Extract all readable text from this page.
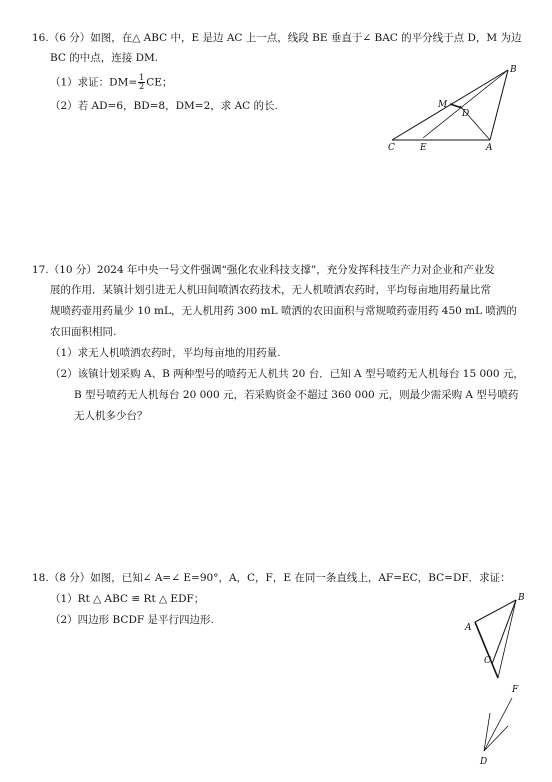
16.（6 分）如图，在△ ABC 中，E 是边 AC 上一点，线段 BE 垂直于∠ BAC 的平分线于点 D，M 为边
BC 的中点，连接 DM.
（1）求证：$DM= \frac{1}{2}$ CE；
（2）若 AD=6，BD=8，DM=2，求 AC 的长.
B
M
D
C	E	A
17.（10 分）2024 年中央一号文件强调“强化农业科技支撑”，充分发挥科技生产力对企业和产业发
展的作用．某镇计划引进无人机田间喷洒农药技术，无人机喷洒农药时，平均每亩地用药量比常
规喷药壶用药量少 10 mL，无人机用药 300 mL 喷洒的农田面积与常规喷药壶用药 450 mL 喷洒的
农田面积相同.
（1）求无人机喷洒农药时，平均每亩地的用药量.
（2）该镇计划采购 A、B 两种型号的喷药无人机共 20 台．已知 A 型号喷药无人机每台 15 000 元，
B 型号喷药无人机每台 20 000 元，若采购资金不超过 360 000 元，则最少需采购 A 型号喷药
无人机多少台？
18.（8 分）如图，已知∠ A=∠ E=90°，A，C，F，E 在同一条直线上，AF=EC，BC=DF．求证：
（1）Rt △ ABC ≌ Rt △ EDF；
（2）四边形 BCDF 是平行四边形.
B
A
C
F
D
